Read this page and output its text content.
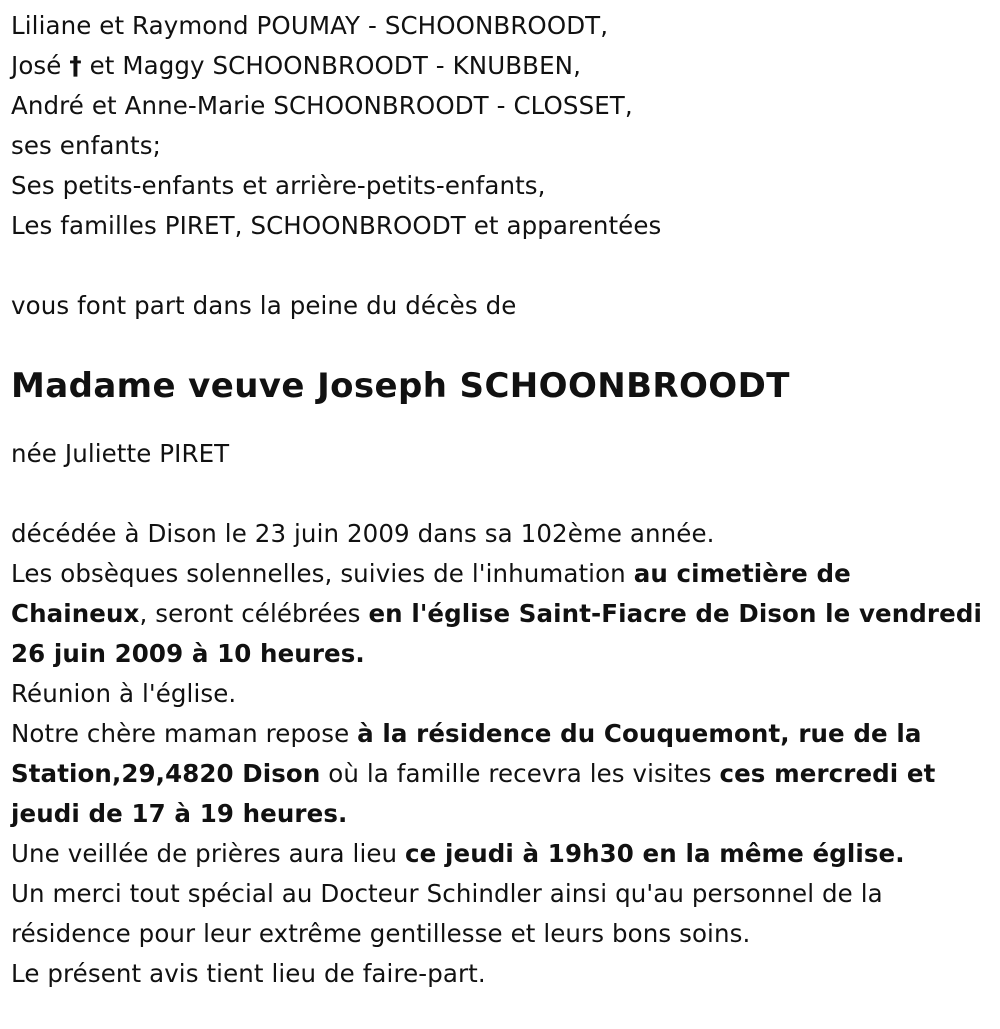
Liliane et Raymond POUMAY - SCHOONBROODT,
José † et Maggy SCHOONBROODT - KNUBBEN,
André et Anne-Marie SCHOONBROODT - CLOSSET,
ses enfants;
Ses petits-enfants et arrière-petits-enfants,
Les familles PIRET, SCHOONBROODT et apparentées
vous font part dans la peine du décès de
Madame veuve Joseph SCHOONBROODT
née Juliette PIRET
décédée à Dison le 23 juin 2009 dans sa 102ème année.
Les obsèques solennelles, suivies de l'inhumation au cimetière de
Chaineux, seront célébrées en l'église Saint-Fiacre de Dison le vendredi
26 juin 2009 à 10 heures.
Réunion à l'église.
Notre chère maman repose à la résidence du Couquemont, rue de la
Station,29,4820 Dison où la famille recevra les visites ces mercredi et
jeudi de 17 à 19 heures.
Une veillée de prières aura lieu ce jeudi à 19h30 en la même église.
Un merci tout spécial au Docteur Schindler ainsi qu'au personnel de la
résidence pour leur extrême gentillesse et leurs bons soins.
Le présent avis tient lieu de faire-part.
